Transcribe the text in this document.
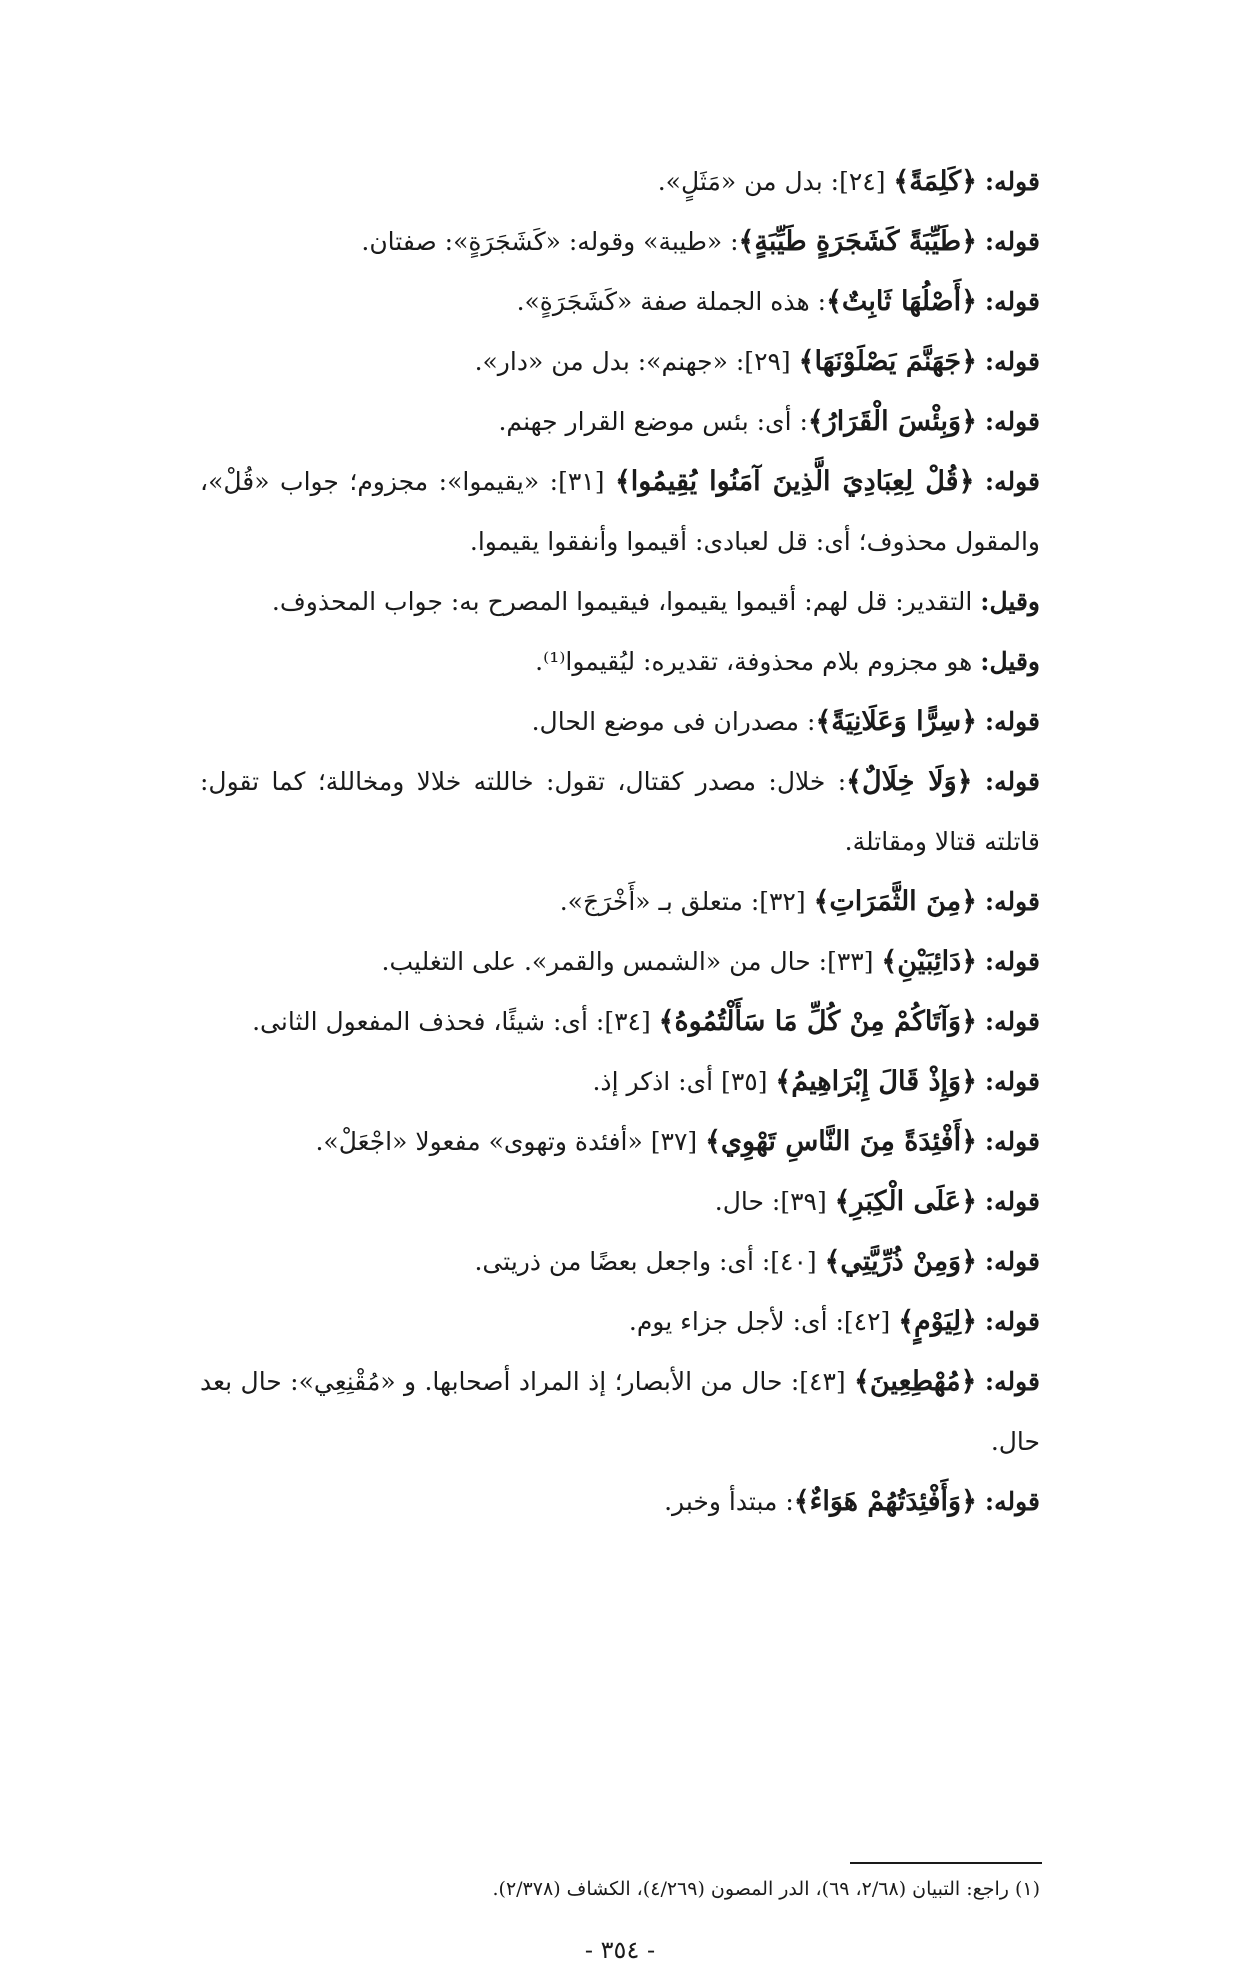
قوله: ﴿كَلِمَةً﴾ [٢٤]: بدل من «مَثَلٍ».

قوله: ﴿طَيِّبَةً كَشَجَرَةٍ طَيِّبَةٍ﴾: «طيبة» وقوله: «كَشَجَرَةٍ»: صفتان.

قوله: ﴿أَصْلُهَا ثَابِتٌ﴾: هذه الجملة صفة «كَشَجَرَةٍ».

قوله: ﴿جَهَنَّمَ يَصْلَوْنَهَا﴾ [٢٩]: «جهنم»: بدل من «دار».

قوله: ﴿وَبِئْسَ الْقَرَارُ﴾: أى: بئس موضع القرار جهنم.

قوله: ﴿قُلْ لِعِبَادِيَ الَّذِينَ آمَنُوا يُقِيمُوا﴾ [٣١]: «يقيموا»: مجزوم؛ جواب «قُلْ»، والمقول محذوف؛ أى: قل لعبادى: أقيموا وأنفقوا يقيموا.

وقيل: التقدير: قل لهم: أقيموا يقيموا، فيقيموا المصرح به: جواب المحذوف.

وقيل: هو مجزوم بلام محذوفة، تقديره: ليُقيموا⁽¹⁾.

قوله: ﴿سِرًّا وَعَلَانِيَةً﴾: مصدران فى موضع الحال.

قوله: ﴿وَلَا خِلَالٌ﴾: خلال: مصدر كقتال، تقول: خاللته خلالا ومخاللة؛ كما تقول: قاتلته قتالا ومقاتلة.

قوله: ﴿مِنَ الثَّمَرَاتِ﴾ [٣٢]: متعلق بـ «أَخْرَجَ».

قوله: ﴿دَائِبَيْنِ﴾ [٣٣]: حال من «الشمس والقمر». على التغليب.

قوله: ﴿وَآتَاكُمْ مِنْ كُلِّ مَا سَأَلْتُمُوهُ﴾ [٣٤]: أى: شيئًا، فحذف المفعول الثانى.

قوله: ﴿وَإِذْ قَالَ إِبْرَاهِيمُ﴾ [٣٥] أى: اذكر إذ.

قوله: ﴿أَفْئِدَةً مِنَ النَّاسِ تَهْوِي﴾ [٣٧] «أفئدة وتهوى» مفعولا «اجْعَلْ».

قوله: ﴿عَلَى الْكِبَرِ﴾ [٣٩]: حال.

قوله: ﴿وَمِنْ ذُرِّيَّتِي﴾ [٤٠]: أى: واجعل بعضًا من ذريتى.

قوله: ﴿لِيَوْمٍ﴾ [٤٢]: أى: لأجل جزاء يوم.

قوله: ﴿مُهْطِعِينَ﴾ [٤٣]: حال من الأبصار؛ إذ المراد أصحابها. و «مُقْنِعِي»: حال بعد حال.

قوله: ﴿وَأَفْئِدَتُهُمْ هَوَاءٌ﴾: مبتدأ وخبر.

(١) راجع: التبيان (٢/٦٨، ٦٩)، الدر المصون (٤/٢٦٩)، الكشاف (٢/٣٧٨).
- ٣٥٤ -
